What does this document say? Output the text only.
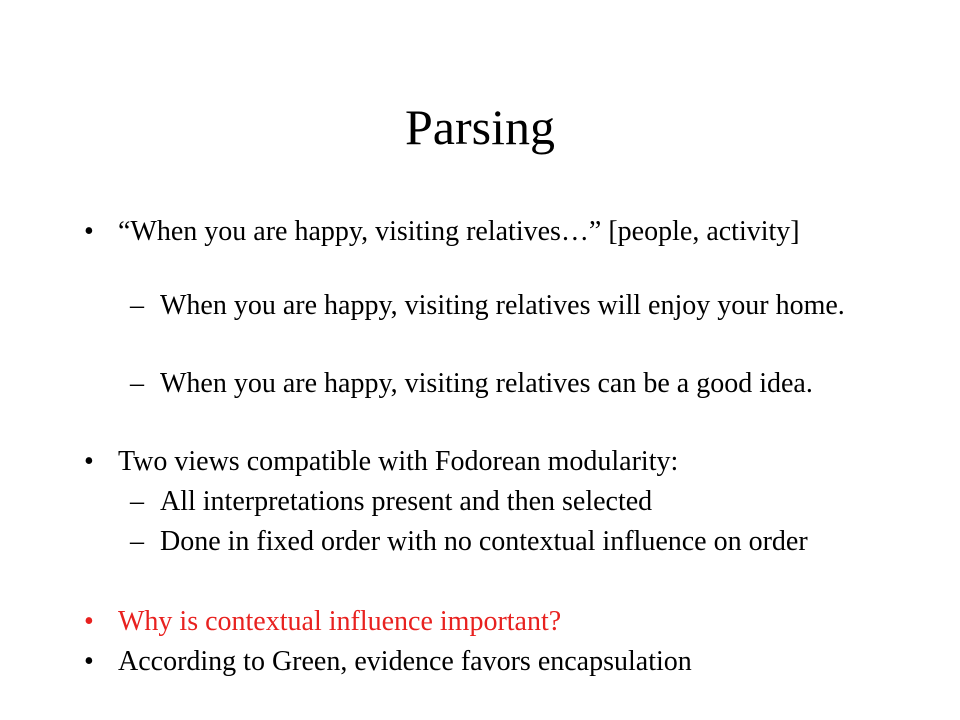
Parsing
• “When you are happy, visiting relatives…” [people, activity]
– When you are happy, visiting relatives will enjoy your home.
– When you are happy, visiting relatives can be a good idea.
• Two views compatible with Fodorean modularity:
– All interpretations present and then selected
– Done in fixed order with no contextual influence on order
• Why is contextual influence important?
• According to Green, evidence favors encapsulation
